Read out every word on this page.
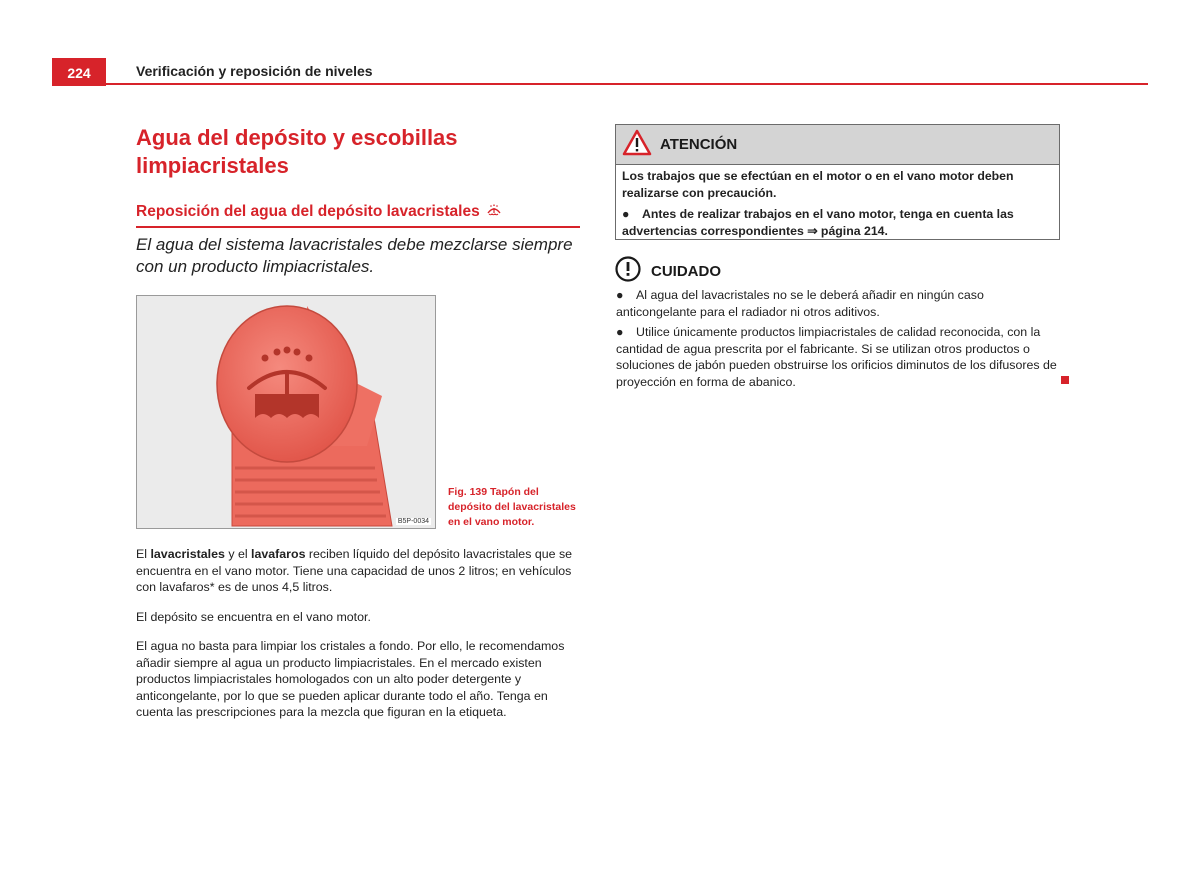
224	Verificación y reposición de niveles
Agua del depósito y escobillas limpiacristales
Reposición del agua del depósito lavacristales
El agua del sistema lavacristales debe mezclarse siempre con un producto limpiacristales.
B5P-0034
Fig. 139 Tapón del depósito del lavacristales en el vano motor.

El lavacristales y el lavafaros reciben líquido del depósito lavacristales que se encuentra en el vano motor. Tiene una capacidad de unos 2 litros; en vehículos con lavafaros* es de unos 4,5 litros.

El depósito se encuentra en el vano motor.

El agua no basta para limpiar los cristales a fondo. Por ello, le recomendamos añadir siempre al agua un producto limpiacristales. En el mercado existen productos limpiacristales homologados con un alto poder detergente y anticongelante, por lo que se pueden aplicar durante todo el año. Tenga en cuenta las prescripciones para la mezcla que figuran en la etiqueta.

ATENCIÓN

Los trabajos que se efectúan en el motor o en el vano motor deben realizarse con precaución.

● Antes de realizar trabajos en el vano motor, tenga en cuenta las advertencias correspondientes ⇒ página 214.

CUIDADO

● Al agua del lavacristales no se le deberá añadir en ningún caso anticongelante para el radiador ni otros aditivos.

● Utilice únicamente productos limpiacristales de calidad reconocida, con la cantidad de agua prescrita por el fabricante. Si se utilizan otros productos o soluciones de jabón pueden obstruirse los orificios diminutos de los difusores de proyección en forma de abanico.
